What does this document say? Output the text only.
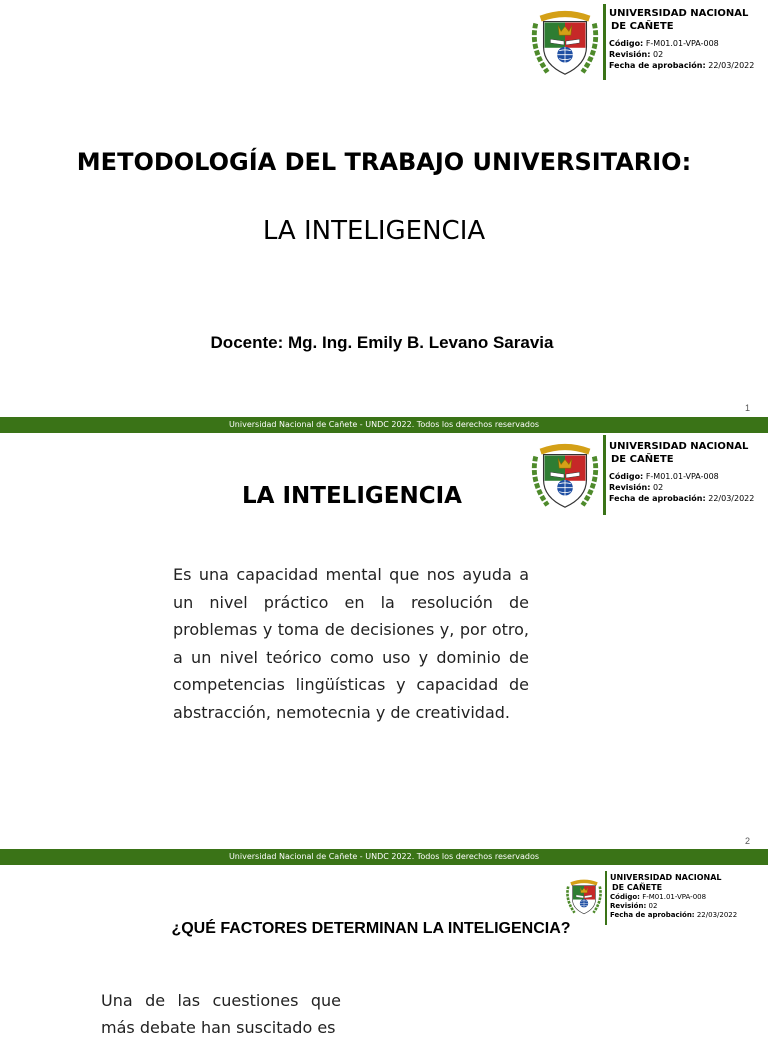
UNIVERSIDAD NACIONAL
DE CAÑETE
Código: F-M01.01-VPA-008
Revisión: 02
Fecha de aprobación: 22/03/2022
METODOLOGÍA DEL TRABAJO UNIVERSITARIO:
LA INTELIGENCIA
Docente: Mg. Ing. Emily B. Levano Saravia
1
Universidad Nacional de Cañete - UNDC 2022. Todos los derechos reservados
UNIVERSIDAD NACIONAL
DE CAÑETE
Código: F-M01.01-VPA-008
Revisión: 02
Fecha de aprobación: 22/03/2022
LA INTELIGENCIA
Es una capacidad mental que nos ayuda a un nivel práctico en la resolución de problemas y toma de decisiones y, por otro, a un nivel teórico como uso y dominio de competencias lingüísticas y capacidad de abstracción, nemotecnia y de creatividad.
2
Universidad Nacional de Cañete - UNDC 2022. Todos los derechos reservados
UNIVERSIDAD NACIONAL
DE CAÑETE
Código: F-M01.01-VPA-008
Revisión: 02
Fecha de aprobación: 22/03/2022
¿QUÉ FACTORES DETERMINAN LA INTELIGENCIA?
Una de las cuestiones que más debate han suscitado es
